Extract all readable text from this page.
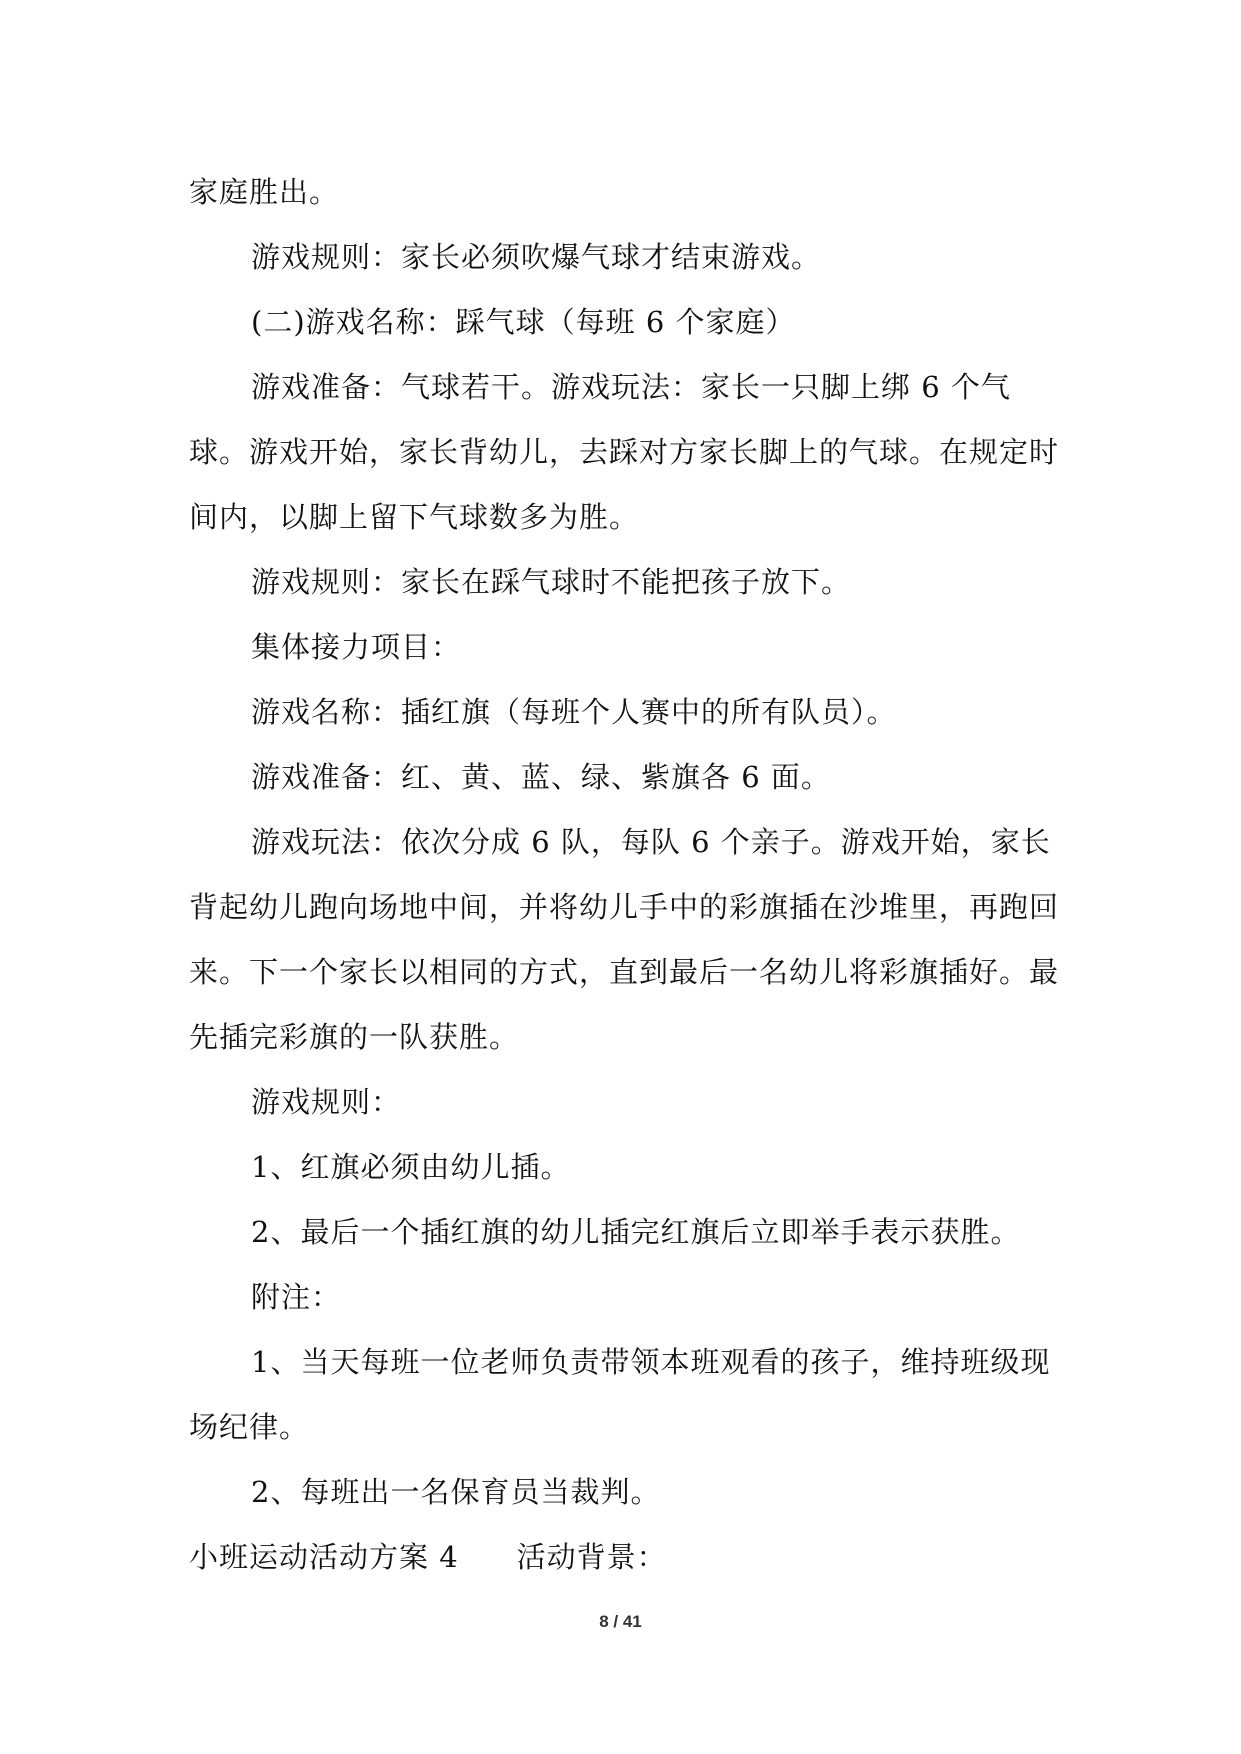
家庭胜出。

游戏规则：家长必须吹爆气球才结束游戏。

(二)游戏名称：踩气球（每班 6 个家庭）

游戏准备：气球若干。游戏玩法：家长一只脚上绑 6 个气球。游戏开始，家长背幼儿，去踩对方家长脚上的气球。在规定时间内，以脚上留下气球数多为胜。

游戏规则：家长在踩气球时不能把孩子放下。

集体接力项目：

游戏名称：插红旗（每班个人赛中的所有队员）。

游戏准备：红、黄、蓝、绿、紫旗各 6 面。

游戏玩法：依次分成 6 队，每队 6 个亲子。游戏开始，家长背起幼儿跑向场地中间，并将幼儿手中的彩旗插在沙堆里，再跑回来。下一个家长以相同的方式，直到最后一名幼儿将彩旗插好。最先插完彩旗的一队获胜。

游戏规则：

1、红旗必须由幼儿插。

2、最后一个插红旗的幼儿插完红旗后立即举手表示获胜。

附注：

1、当天每班一位老师负责带领本班观看的孩子，维持班级现场纪律。

2、每班出一名保育员当裁判。

小班运动活动方案 4 活动背景：

8 / 41
